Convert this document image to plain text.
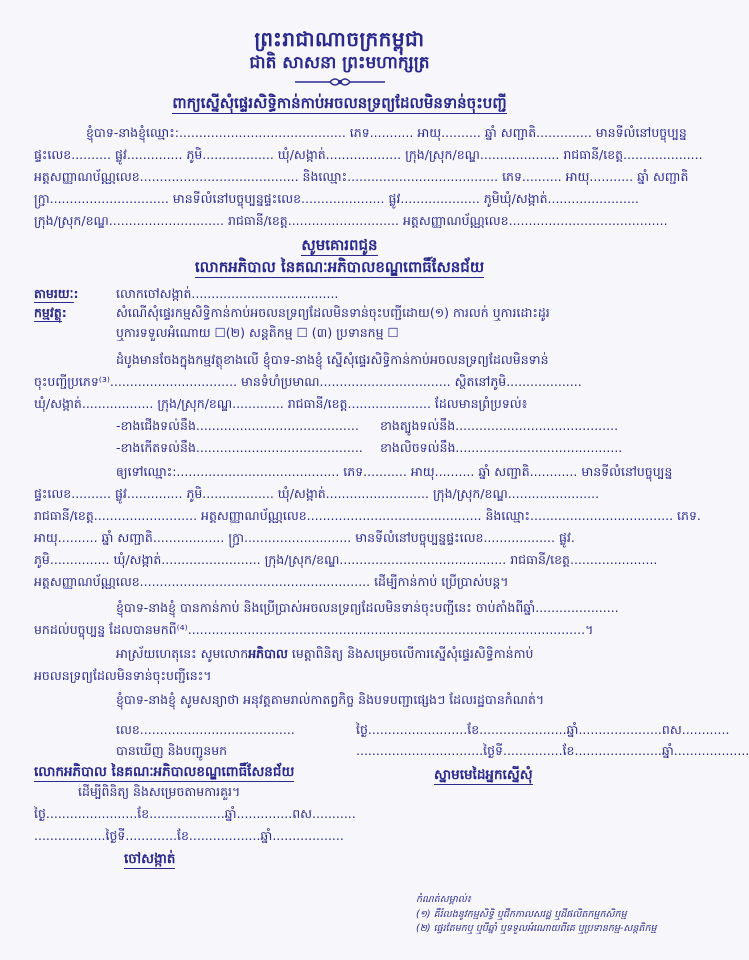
ព្រះរាជាណាចក្រកម្ពុជា
ជាតិ សាសនា ព្រះមហាក្សត្រ
ពាក្យស្នើសុំផ្ទេរសិទ្ធិកាន់កាប់អចលនទ្រព្យដែលមិនទាន់ចុះបញ្ជី
ខ្ញុំបាទ-នាងខ្ញុំឈ្មោះ:.......................................... ភេទ........... អាយុ.......... ឆ្នាំ សញ្ជាតិ.............. មានទីលំនៅបច្ចុប្បន្ន
ផ្ទះលេខ.......... ផ្លូវ.............. ភូមិ.................. ឃុំ/សង្កាត់................... ក្រុង/ស្រុក/ខណ្ឌ.................... រាជធានី/ខេត្ត....................
អត្តសញ្ញាណប័ណ្ណលេខ........................................ និងឈ្មោះ...................................... ភេទ.......... អាយុ........... ឆ្នាំ សញ្ជាតិ
ក្រ្ជា.............................. មានទីលំនៅបច្ចុប្បន្នផ្ទះលេខ..................... ផ្លូវ.................... ភូមិឃុំ/សង្កាត់.......................
ក្រុង/ស្រុក/ខណ្ឌ............................. រាជធានី/ខេត្ត............................ អត្តសញ្ញាណប័ណ្ណលេខ........................................
សូមគោរពជូន
លោកអភិបាល នៃគណៈអភិបាលខណ្ឌពោធិ៍សែនជ័យ
តាមរយៈ:	លោកចៅសង្កាត់.....................................
កម្មវត្ថុ:	សំណើសុំផ្ទេរកម្មសិទ្ធិកាន់កាប់អចលនទ្រព្យដែលមិនទាន់ចុះបញ្ជីដោយ(១) ការលក់ ឬការដោះដូរ
ឬការទទួលអំណោយ ☐(២) សន្តតិកម្ម ☐ (៣) ប្រទានកម្ម ☐
ដំបូងមានចែងក្នុងកម្មវត្ថុខាងលើ ខ្ញុំបាទ-នាងខ្ញុំ ស្នើសុំផ្ទេរសិទ្ធិកាន់កាប់អចលនទ្រព្យដែលមិនទាន់
ចុះបញ្ជីប្រភេទ⁽³⁾................................ មានទំហំប្រមាណ................................. ស្ថិតនៅភូមិ...................
ឃុំ/សង្កាត់.................. ក្រុង/ស្រុក/ខណ្ឌ............. រាជធានី/ខេត្ត..................... ដែលមានព្រំប្រទល់៖
-ខាងជើងទល់នឹង......................................... ខាងត្បូងទល់នឹង.........................................
-ខាងកើតទល់នឹង.......................................... ខាងលិចទល់នឹង..........................................
ឲ្យទៅឈ្មោះ:......................................... ភេទ........... អាយុ.......... ឆ្នាំ សញ្ជាតិ............ មានទីលំនៅបច្ចុប្បន្ន
ផ្ទះលេខ.......... ផ្លូវ.............. ភូមិ.................. ឃុំ/សង្កាត់.......................... ក្រុង/ស្រុក/ខណ្ឌ.......................
រាជធានី/ខេត្ត.......................... អត្តសញ្ញាណប័ណ្ណលេខ............................................ និងឈ្មោះ.................................... ភេទ.
អាយុ.......... ឆ្នាំ សញ្ជាតិ.................. ក្រ្ជា........................... មានទីលំនៅបច្ចុប្បន្នផ្ទះលេខ.................. ផ្លូវ.
ភូមិ............... ឃុំ/សង្កាត់......................... ក្រុង/ស្រុក/ខណ្ឌ.......................................... រាជធានី/ខេត្ត......................
អត្តសញ្ញាណប័ណ្ណលេខ.......................................................... ដើម្បីកាន់កាប់ ប្រើប្រាស់បន្ត។
ខ្ញុំបាទ-នាងខ្ញុំ បានកាន់កាប់ និងប្រើប្រាស់អចលនទ្រព្យដែលមិនទាន់ចុះបញ្ជីនេះ ចាប់តាំងពីឆ្នាំ.....................
មកដល់បច្ចុប្បន្ន ដែលបានមកពី⁽⁴⁾....................................................................................................។
អាស្រ័យហេតុនេះ សូមលោកអភិបាល មេត្តាពិនិត្យ និងសម្រេចលើការស្នើសុំផ្ទេរសិទ្ធិកាន់កាប់
អចលនទ្រព្យដែលមិនទាន់ចុះបញ្ជីនេះ។
ខ្ញុំបាទ-នាងខ្ញុំ សូមសន្យាថា អនុវត្តតាមរាល់កាតព្វកិច្ច និងបទបញ្ជាផ្សេងៗ ដែលរដ្ឋបានកំណត់។
លេខ.......................................
បានឃើញ និងបញ្ជូនមក
លោកអភិបាល នៃគណៈអភិបាលខណ្ឌពោធិ៍សែនជ័យ
ដើម្បីពិនិត្យ និងសម្រេចតាមការគួរ។
ថ្ងៃ.......................ខែ...................ឆ្នាំ..............ពស...........
..................ថ្ងៃទី.............ខែ..................ឆ្នាំ..................
ចៅសង្កាត់
ថ្ងៃ.........................ខែ......................ឆ្នាំ.....................ពស............
................................ថ្ងៃទី...............ខែ......................ឆ្នាំ...................
ស្នាមមេដៃអ្នកស្នើសុំ
កំណត់សម្គាល់៖
(១) គឺរំលងនូវកម្មសិទ្ធិ ឬជីកកាលសរដ្ឋ ឬដីផលិតកម្មកសិកម្ម
(២) ផ្ទេរតែមកឬ ឬបីឆ្នាំ ឬទទួលអំណោយពីគេ ឬប្រទានកម្ម-សន្តតិកម្ម
